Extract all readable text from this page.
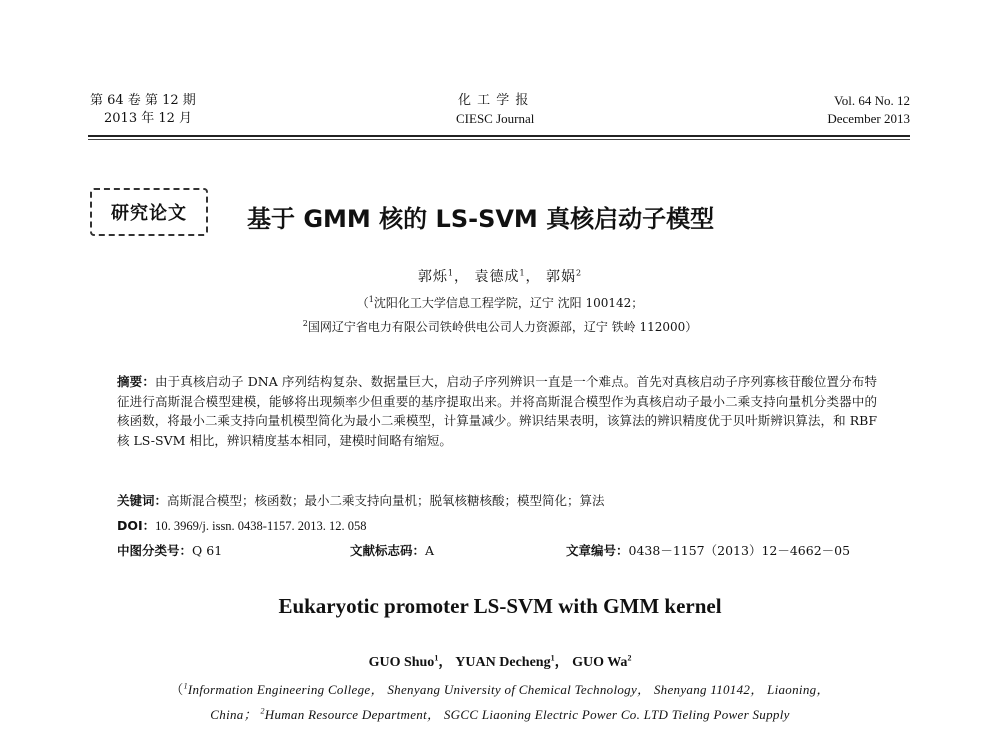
第 64 卷 第 12 期
2013 年 12 月
化 工 学 报
CIESC Journal
Vol. 64 No. 12
December 2013
研究论文	基于 GMM 核的 LS-SVM 真核启动子模型
郭烁$^1$， 袁德成$^1$， 郭娲$^2$
（$^1$沈阳化工大学信息工程学院，辽宁 沈阳 100142；
$^2$国网辽宁省电力有限公司铁岭供电公司人力资源部，辽宁 铁岭 112000）
摘要：由于真核启动子 DNA 序列结构复杂、数据量巨大，启动子序列辨识一直是一个难点。首先对真核启动子序列寡核苷酸位置分布特征进行高斯混合模型建模，能够将出现频率少但重要的基序提取出来。并将高斯混合模型作为真核启动子最小二乘支持向量机分类器中的核函数，将最小二乘支持向量机模型简化为最小二乘模型，计算量减少。辨识结果表明，该算法的辨识精度优于贝叶斯辨识算法，和 RBF 核 LS-SVM 相比，辨识精度基本相同，建模时间略有缩短。
关键词：高斯混合模型；核函数；最小二乘支持向量机；脱氧核糖核酸；模型简化；算法
DOI：10. 3969/j. issn. 0438-1157. 2013. 12. 058
中图分类号：Q 61	文献标志码：A	文章编号：0438－1157（2013）12－4662－05
Eukaryotic promoter LS-SVM with GMM kernel
GUO Shuo$^1$， YUAN Decheng$^1$， GUO Wa$^2$
（$^1$Information Engineering College， Shenyang University of Chemical Technology， Shenyang 110142， Liaoning，
China； $^2$Human Resource Department， SGCC Liaoning Electric Power Co. LTD Tieling Power Supply
